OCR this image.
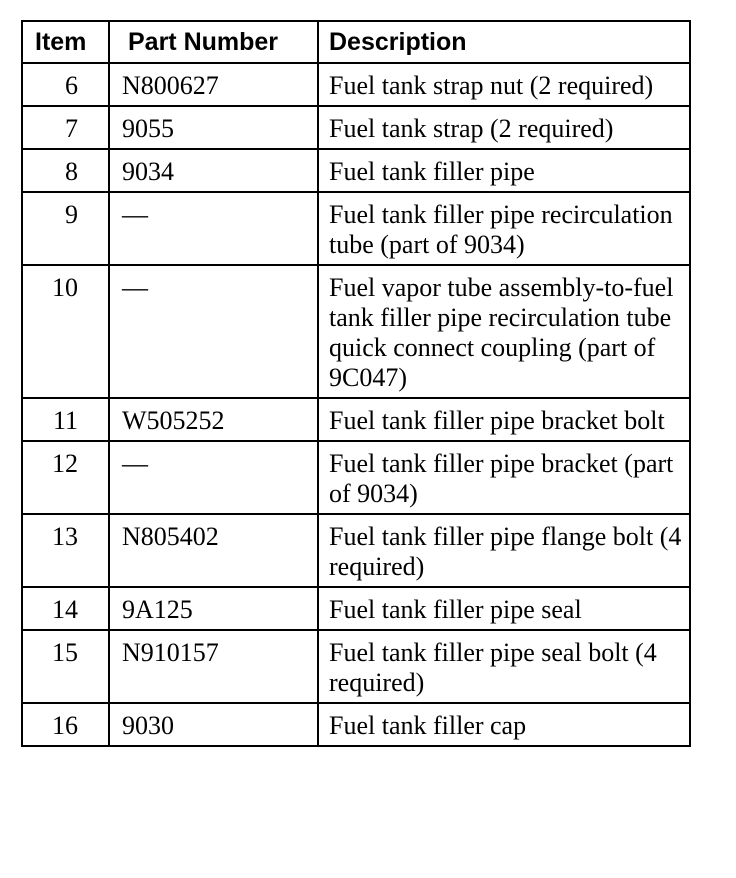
Item	Part Number	Description
6	N800627	Fuel tank strap nut (2 required)
7	9055	Fuel tank strap (2 required)
8	9034	Fuel tank filler pipe
9	—	Fuel tank filler pipe recirculation tube (part of 9034)
10	—	Fuel vapor tube assembly-to-fuel tank filler pipe recirculation tube quick connect coupling (part of 9C047)
11	W505252	Fuel tank filler pipe bracket bolt
12	—	Fuel tank filler pipe bracket (part of 9034)
13	N805402	Fuel tank filler pipe flange bolt (4 required)
14	9A125	Fuel tank filler pipe seal
15	N910157	Fuel tank filler pipe seal bolt (4 required)
16	9030	Fuel tank filler cap
